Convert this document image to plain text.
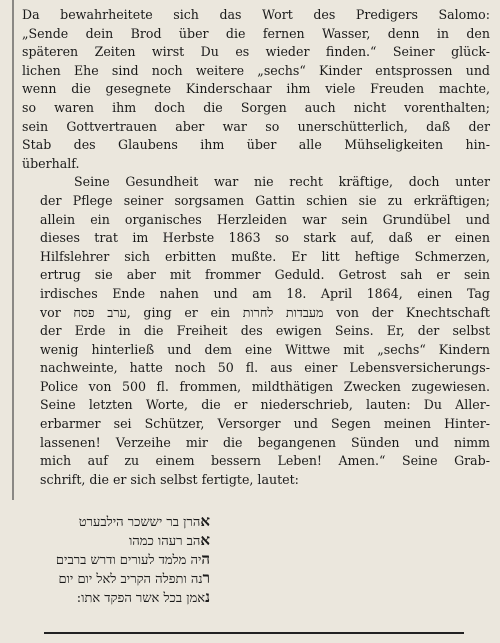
Da bewahrheitete sich das Wort des Predigers Salomo:
„Sende dein Brod über die fernen Wasser, denn in den
späteren Zeiten wirst Du es wieder finden.“ Seiner glück-
lichen Ehe sind noch weitere „sechs“ Kinder entsprossen und
wenn die gesegnete Kinderschaar ihm viele Freuden machte,
so waren ihm doch die Sorgen auch nicht vorenthalten;
sein Gottvertrauen aber war so unerschütterlich, daß der
Stab des Glaubens ihm über alle Mühseligkeiten hin-
überhalf.
Seine Gesundheit war nie recht kräftige, doch unter
der Pflege seiner sorgsamen Gattin schien sie zu erkräftigen;
allein ein organisches Herzleiden war sein Grundübel und
dieses trat im Herbste 1863 so stark auf, daß er einen
Hilfslehrer sich erbitten mußte. Er litt heftige Schmerzen,
ertrug sie aber mit frommer Geduld. Getrost sah er sein
irdisches Ende nahen und am 18. April 1864, einen Tag
vor ערב פסח, ging er ein מעבדות לחרות von der Knechtschaft
der Erde in die Freiheit des ewigen Seins. Er, der selbst
wenig hinterließ und dem eine Wittwe mit „sechs“ Kindern
nachweinte, hatte noch 50 fl. aus einer Lebensversicherungs-
Police von 500 fl. frommen, mildthätigen Zwecken zugewiesen.
Seine letzten Worte, die er niederschrieb, lauten: Du Aller-
erbarmer sei Schützer, Versorger und Segen meinen Hinter-
lassenen! Verzeihe mir die begangenen Sünden und nimm
mich auf zu einem bessern Leben! Amen.“ Seine Grab-
schrift, die er sich selbst fertigte, lautet:
אהרן בר יששכר הילבערט
אהב רעהו כמהו
היה מלמד לעורים ודרש ברבים
רנה ותפלה הקריב לאל יום יום
נאמן בכל אשר הפקד אתו:
